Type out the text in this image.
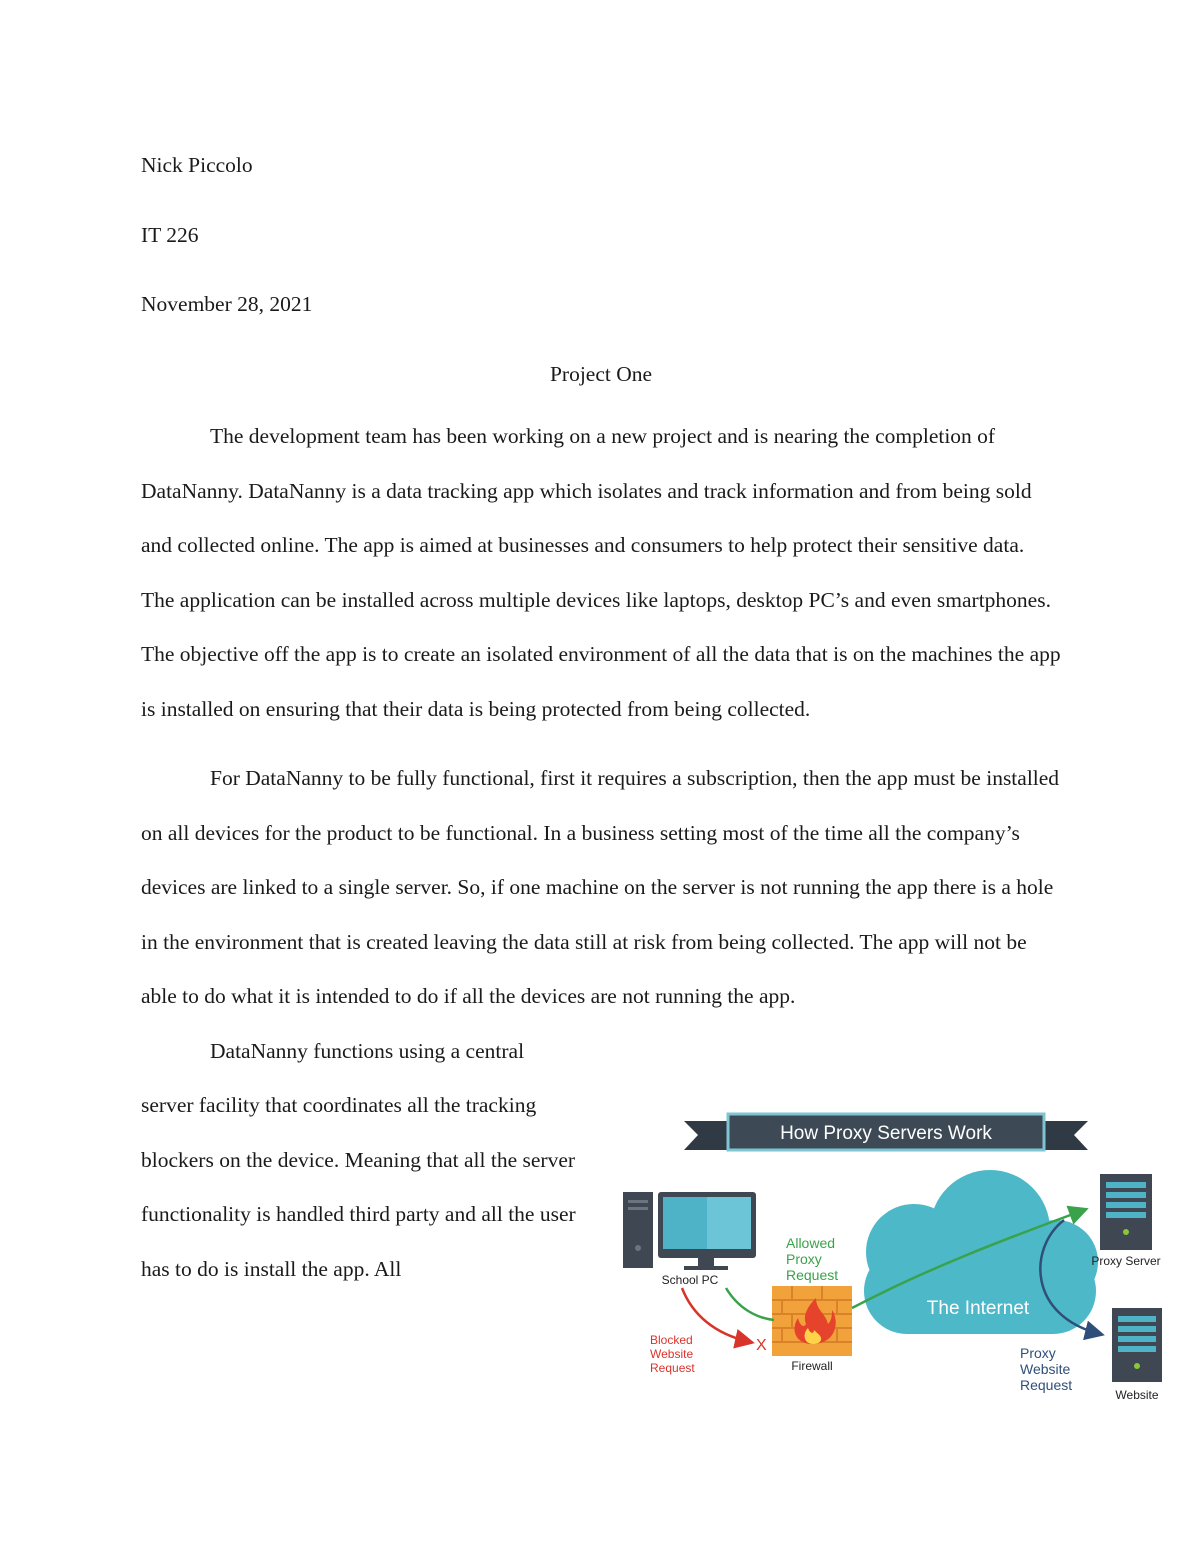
Nick Piccolo

IT 226

November 28, 2021

Project One

The development team has been working on a new project and is nearing the completion of DataNanny. DataNanny is a data tracking app which isolates and track information and from being sold and collected online. The app is aimed at businesses and consumers to help protect their sensitive data. The application can be installed across multiple devices like laptops, desktop PC’s and even smartphones. The objective off the app is to create an isolated environment of all the data that is on the machines the app is installed on ensuring that their data is being protected from being collected.

For DataNanny to be fully functional, first it requires a subscription, then the app must be installed on all devices for the product to be functional. In a business setting most of the time all the company’s devices are linked to a single server. So, if one machine on the server is not running the app there is a hole in the environment that is created leaving the data still at risk from being collected. The app will not be able to do what it is intended to do if all the devices are not running the app.

DataNanny functions using a central server facility that coordinates all the tracking blockers on the device. Meaning that all the server functionality is handled third party and all the user has to do is install the app. All

How Proxy Servers Work
School PC
The Internet
Firewall
Proxy Server
Website
Allowed
Proxy
Request
Blocked
Website
Request
X	Proxy
Website
Request
